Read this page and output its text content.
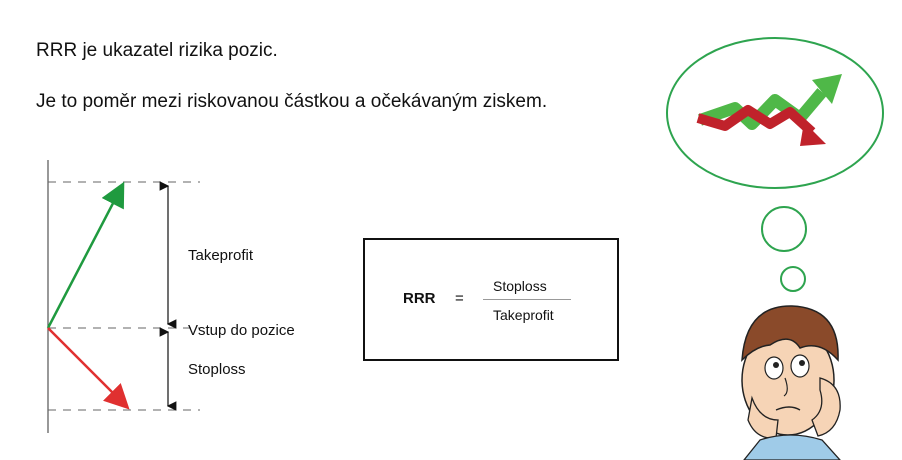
RRR je ukazatel rizika pozic.
Je to poměr mezi riskovanou částkou a očekávaným ziskem.
Takeprofit
Vstup do pozice
Stoploss
RRR =
Stoploss
Takeprofit
